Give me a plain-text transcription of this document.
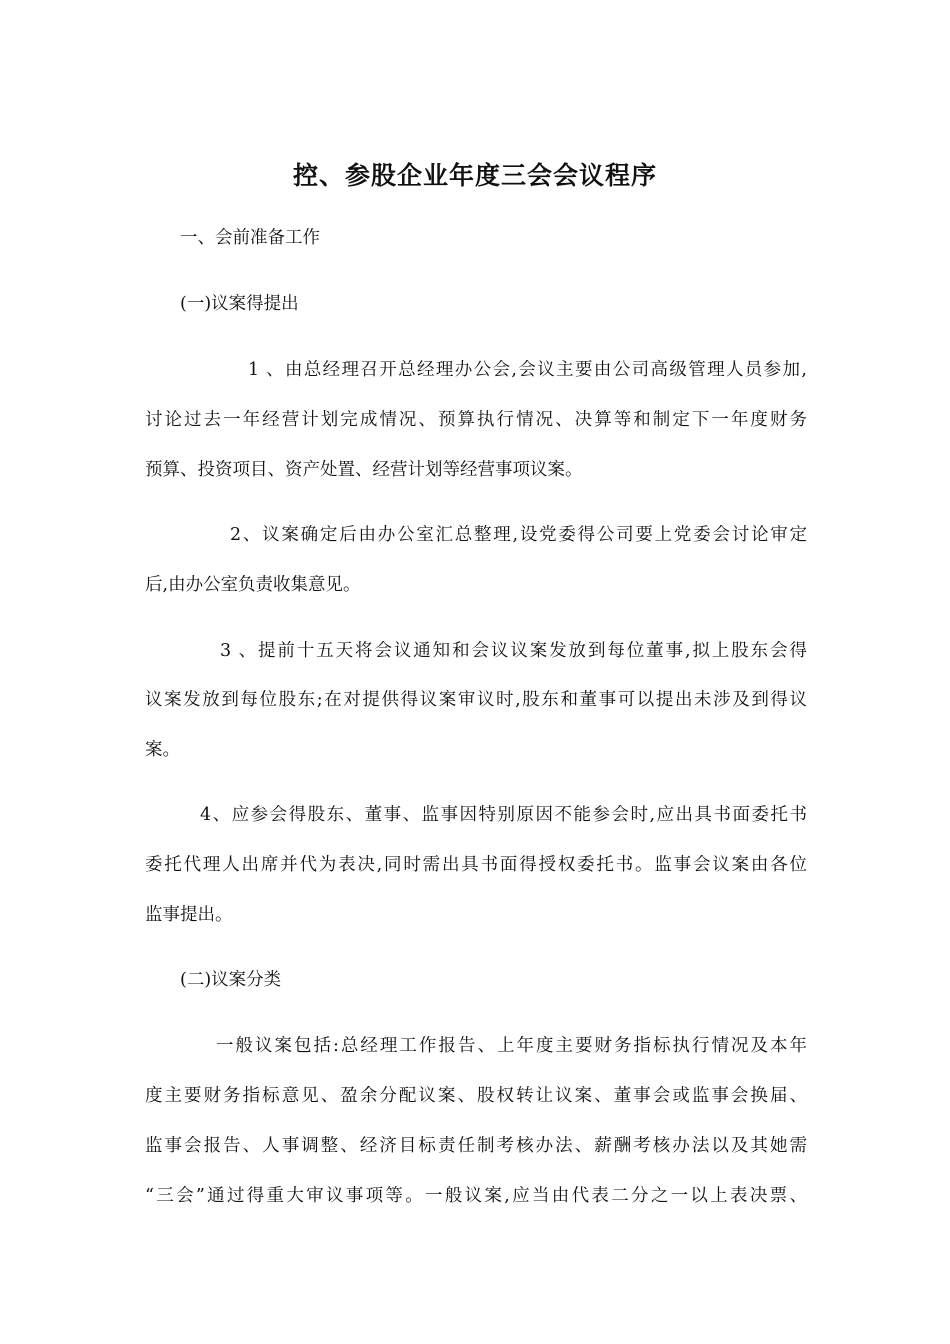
控、参股企业年度三会会议程序
一、会前准备工作
(一)议案得提出
1 、由总经理召开总经理办公会,会议主要由公司高级管理人员参加,
讨论过去一年经营计划完成情况、预算执行情况、决算等和制定下一年度财务
预算、投资项目、资产处置、经营计划等经营事项议案。
2、议案确定后由办公室汇总整理,设党委得公司要上党委会讨论审定
后,由办公室负责收集意见。
3 、提前十五天将会议通知和会议议案发放到每位董事,拟上股东会得
议案发放到每位股东;在对提供得议案审议时,股东和董事可以提出未涉及到得议
案。
4、应参会得股东、董事、监事因特别原因不能参会时,应出具书面委托书
委托代理人出席并代为表决,同时需出具书面得授权委托书。监事会议案由各位
监事提出。
(二)议案分类
一般议案包括:总经理工作报告、上年度主要财务指标执行情况及本年
度主要财务指标意见、盈余分配议案、股权转让议案、董事会或监事会换届、
监事会报告、人事调整、经济目标责任制考核办法、薪酬考核办法以及其她需
“三会”通过得重大审议事项等。一般议案,应当由代表二分之一以上表决票、
